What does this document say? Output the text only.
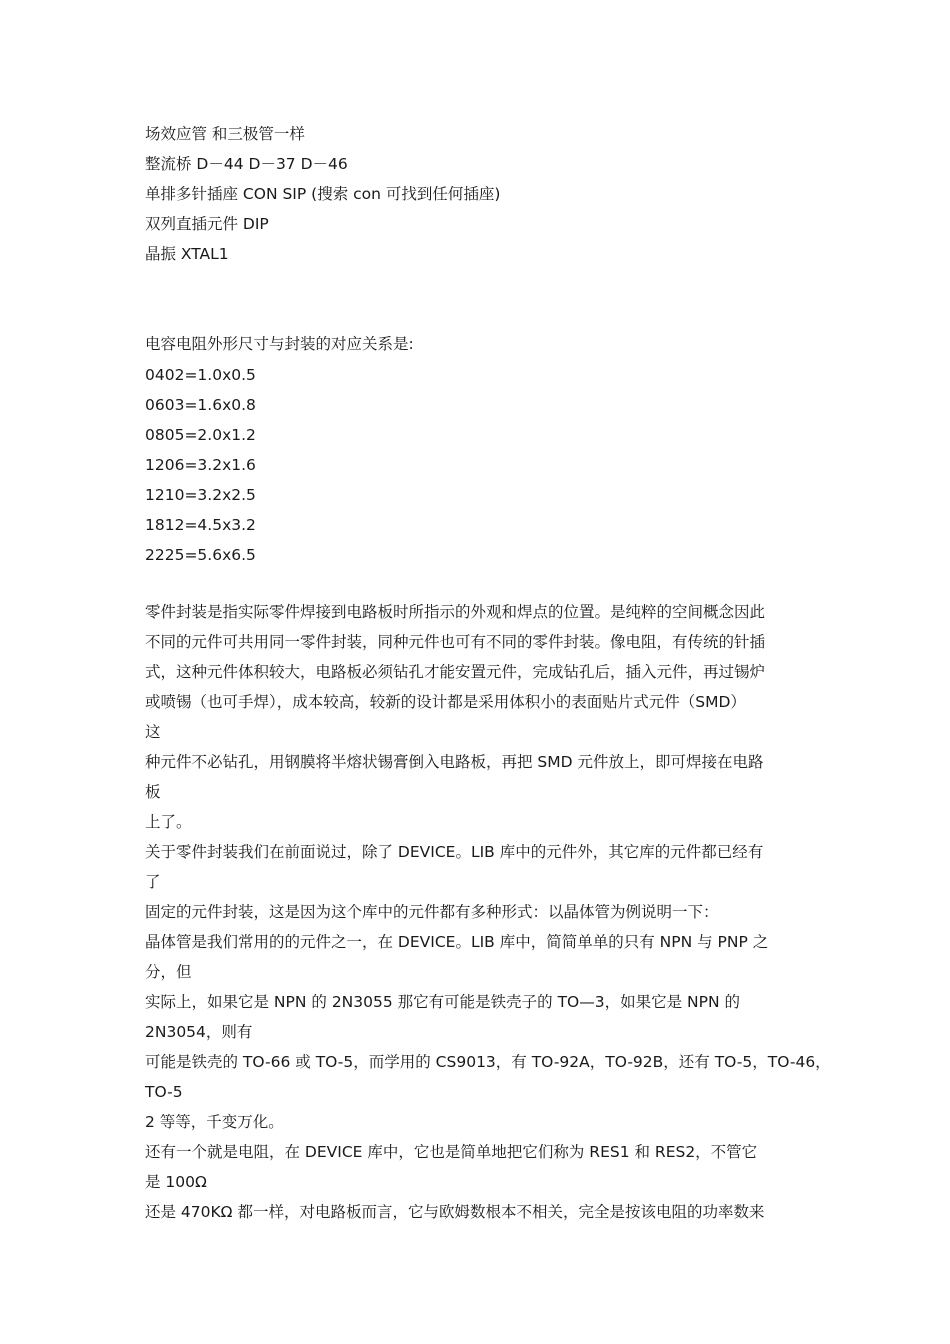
场效应管 和三极管一样
整流桥 D－44 D－37 D－46
单排多针插座 CON SIP (搜索 con 可找到任何插座)
双列直插元件 DIP
晶振 XTAL1
电容电阻外形尺寸与封装的对应关系是:
0402=1.0x0.5
0603=1.6x0.8
0805=2.0x1.2
1206=3.2x1.6
1210=3.2x2.5
1812=4.5x3.2
2225=5.6x6.5
零件封装是指实际零件焊接到电路板时所指示的外观和焊点的位置。是纯粹的空间概念因此
不同的元件可共用同一零件封装，同种元件也可有不同的零件封装。像电阻，有传统的针插
式，这种元件体积较大，电路板必须钻孔才能安置元件，完成钻孔后，插入元件，再过锡炉
或喷锡（也可手焊），成本较高，较新的设计都是采用体积小的表面贴片式元件（SMD）
这
种元件不必钻孔，用钢膜将半熔状锡膏倒入电路板，再把 SMD 元件放上，即可焊接在电路
板
上了。
关于零件封装我们在前面说过，除了 DEVICE。LIB 库中的元件外，其它库的元件都已经有
了
固定的元件封装，这是因为这个库中的元件都有多种形式：以晶体管为例说明一下：
晶体管是我们常用的的元件之一，在 DEVICE。LIB 库中，简简单单的只有 NPN 与 PNP 之
分，但
实际上，如果它是 NPN 的 2N3055 那它有可能是铁壳子的 TO—3，如果它是 NPN 的
2N3054，则有
可能是铁壳的 TO-66 或 TO-5，而学用的 CS9013，有 TO-92A，TO-92B，还有 TO-5，TO-46，
TO-5
2 等等，千变万化。
还有一个就是电阻，在 DEVICE 库中，它也是简单地把它们称为 RES1 和 RES2，不管它
是 100Ω
还是 470KΩ 都一样，对电路板而言，它与欧姆数根本不相关，完全是按该电阻的功率数来
